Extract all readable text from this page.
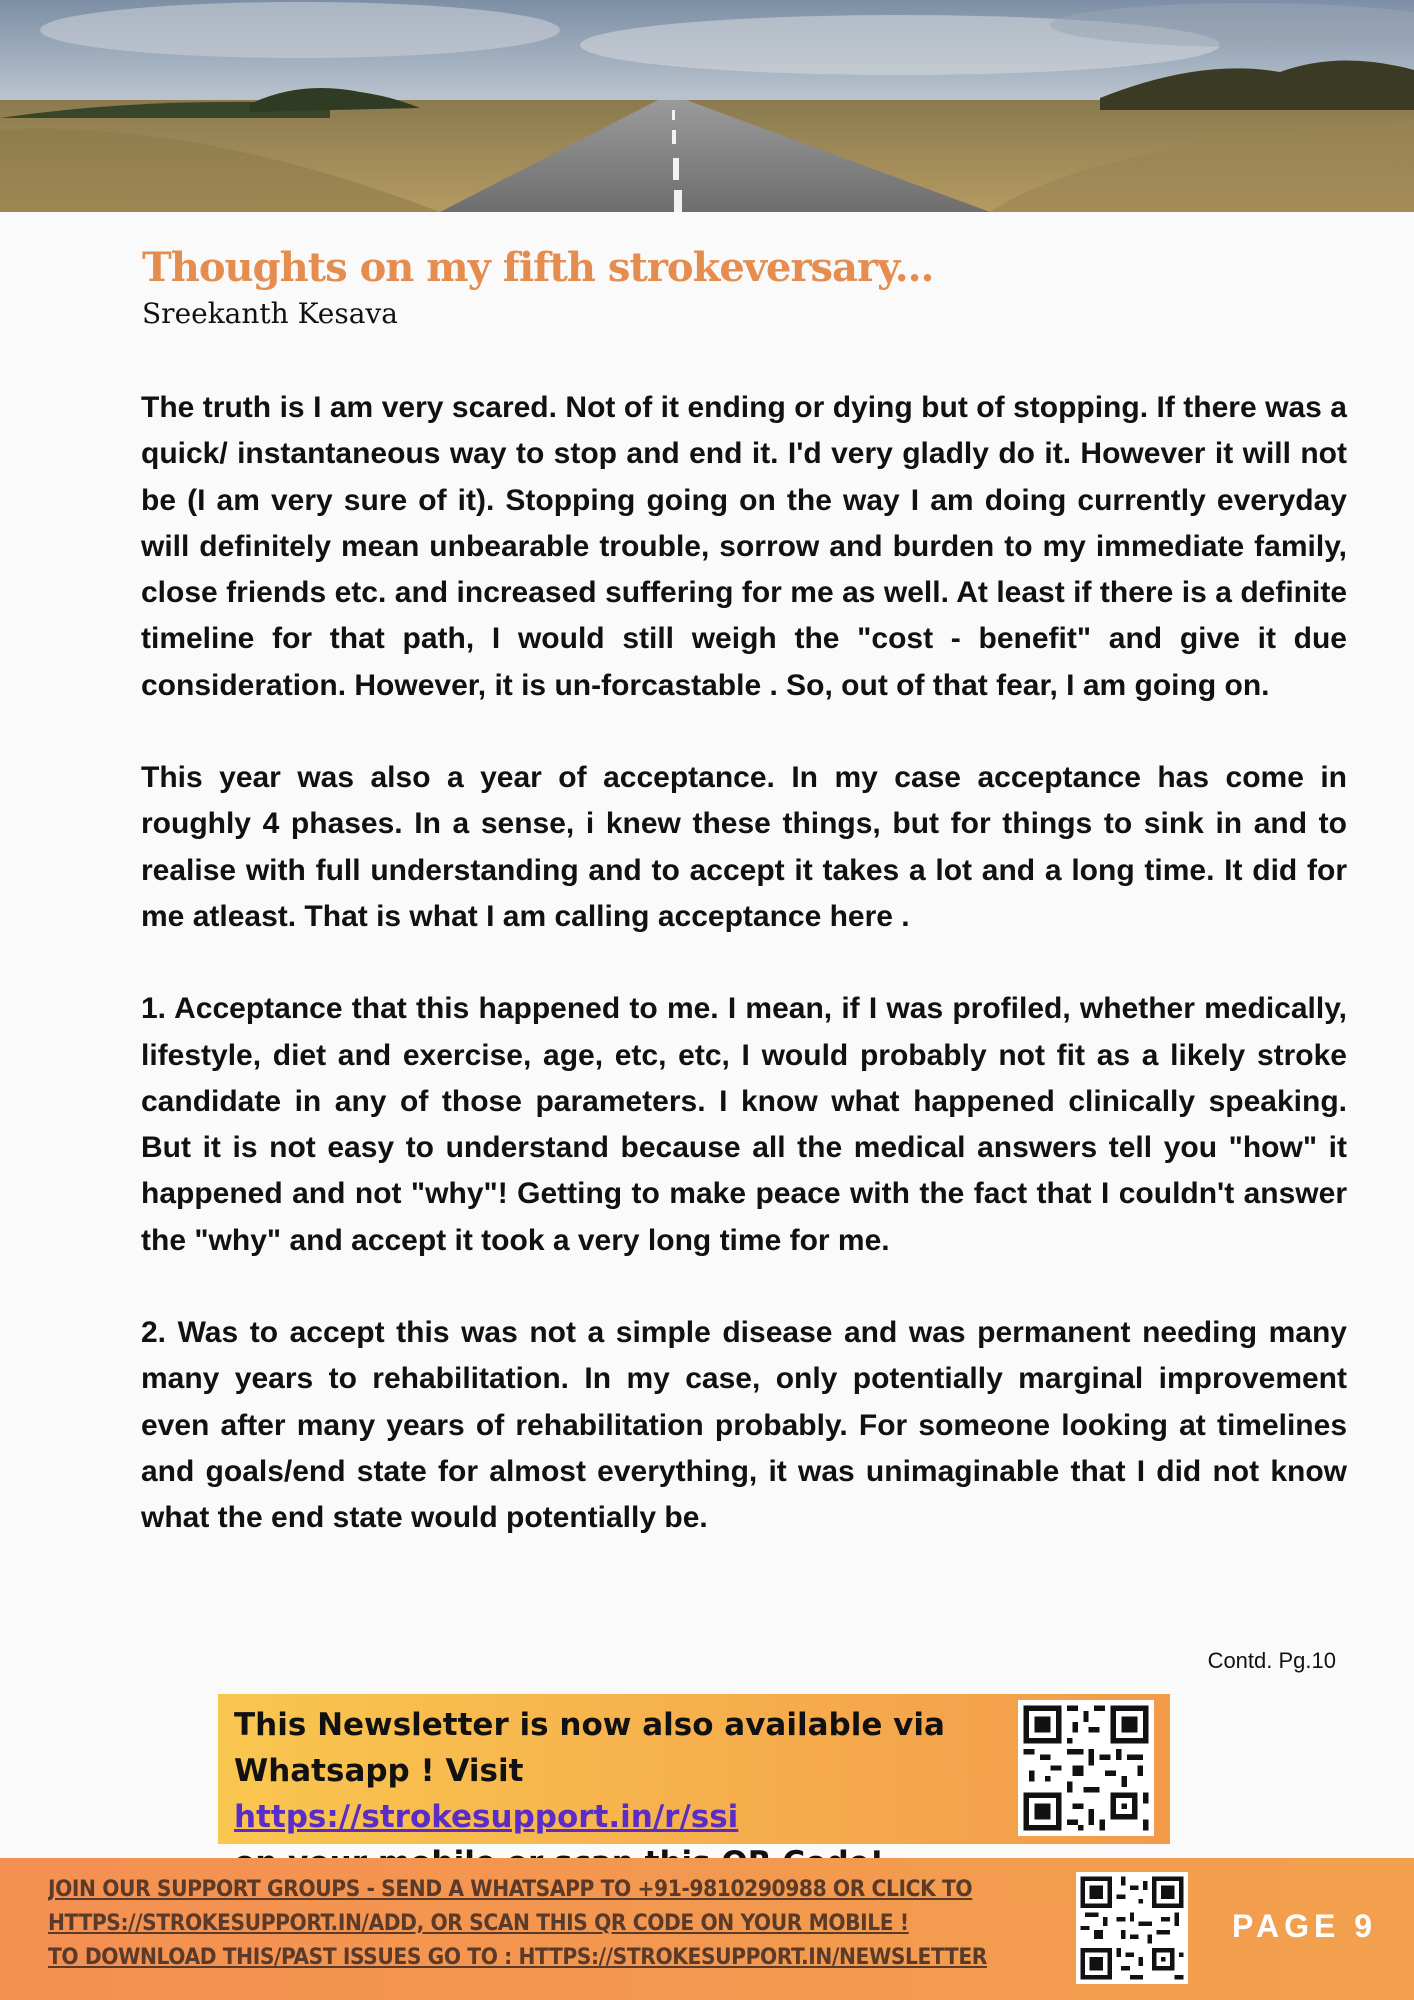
Thoughts on my fifth strokeversary...
Sreekanth Kesava

The truth is I am very scared. Not of it ending or dying but of stopping. If there was a quick/ instantaneous way to stop and end it. I'd very gladly do it. However it will not be (I am very sure of it). Stopping going on the way I am doing currently everyday will definitely mean unbearable trouble, sorrow and burden to my immediate family, close friends etc. and increased suffering for me as well. At least if there is a definite timeline for that path, I would still weigh the "cost - benefit" and give it due consideration. However, it is un-forcastable . So, out of that fear, I am going on.

This year was also a year of acceptance. In my case acceptance has come in roughly 4 phases. In a sense, i knew these things, but for things to sink in and to realise with full understanding and to accept it takes a lot and a long time. It did for me atleast. That is what I am calling acceptance here .

1. Acceptance that this happened to me. I mean, if I was profiled, whether medically, lifestyle, diet and exercise, age, etc, etc, I would probably not fit as a likely stroke candidate in any of those parameters. I know what happened clinically speaking. But it is not easy to understand because all the medical answers tell you "how" it happened and not "why"! Getting to make peace with the fact that I couldn't answer the "why" and accept it took a very long time for me.

2. Was to accept this was not a simple disease and was permanent needing many many years to rehabilitation. In my case, only potentially marginal improvement even after many years of rehabilitation probably. For someone looking at timelines and goals/end state for almost everything, it was unimaginable that I did not know what the end state would potentially be.

Contd. Pg.10
This Newsletter is now also available via
Whatsapp ! Visit https://strokesupport.in/r/ssi
JOIN OUR SUPPORT GROUPS - SEND A WHATSAPP TO +91-9810290988 OR CLICK TO
HTTPS://STROKESUPPORT.IN/ADD, OR SCAN THIS QR CODE ON YOUR MOBILE !
TO DOWNLOAD THIS/PAST ISSUES GO TO : HTTPS://STROKESUPPORT.IN/NEWSLETTER
PAGE 9
